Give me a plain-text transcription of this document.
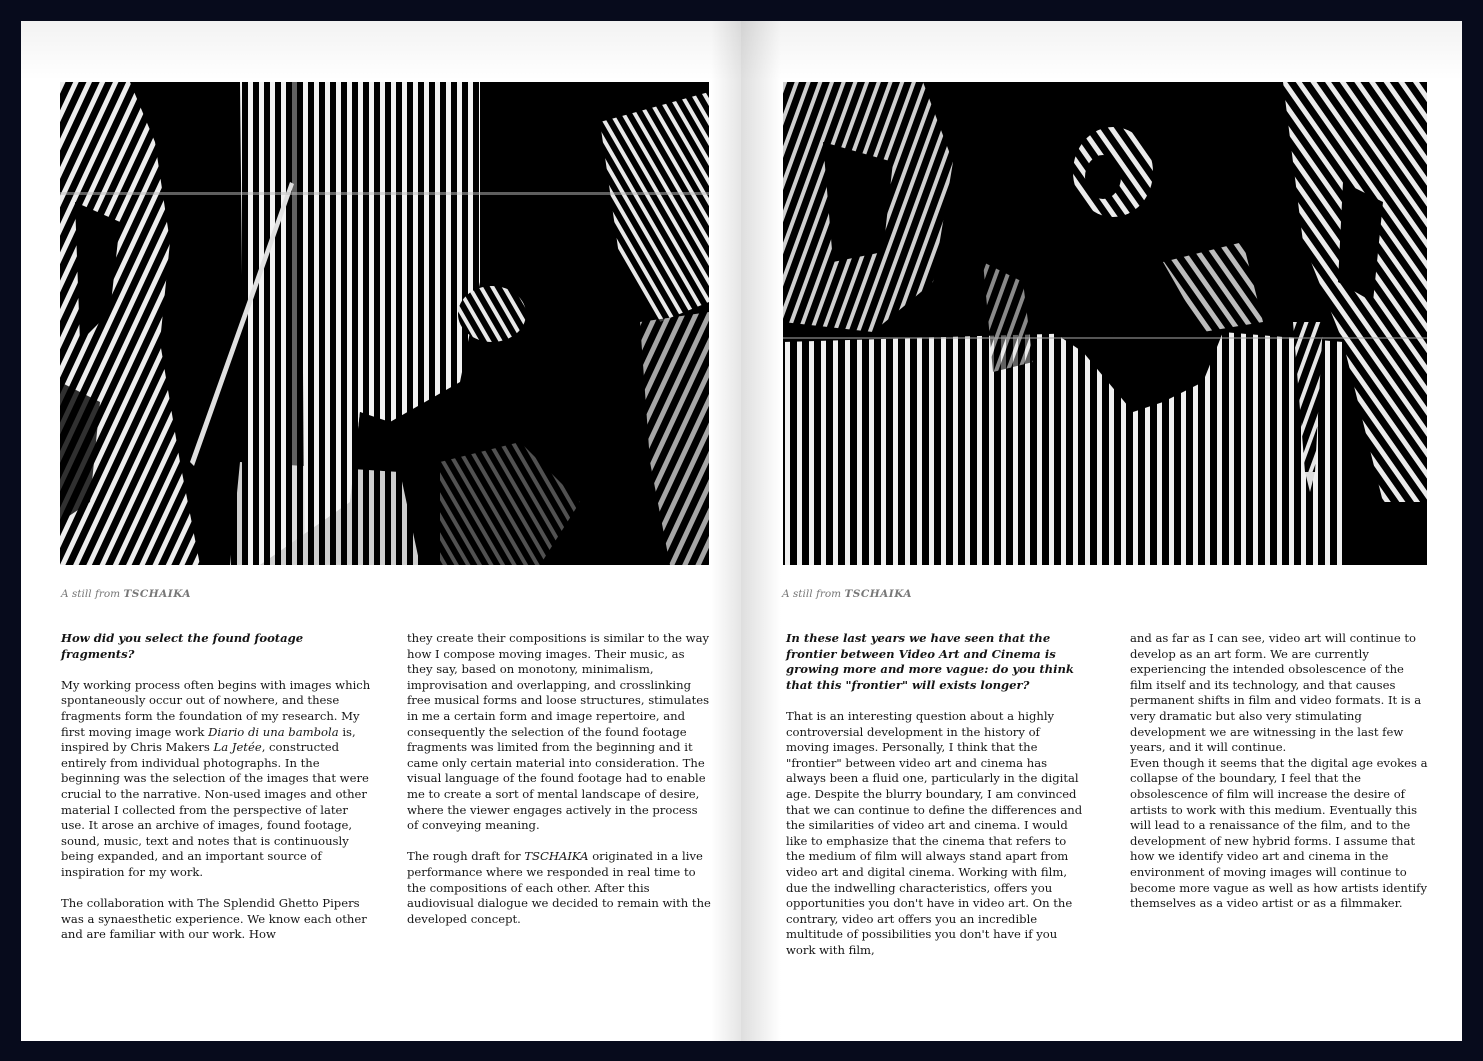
A still from TSCHAIKA

How did you select the found footage fragments?

My working process often begins with images which spontaneously occur out of nowhere, and these fragments form the foundation of my research. My first moving image work Diario di una bambola is, inspired by Chris Makers La Jetée, constructed entirely from individual photographs. In the beginning was the selection of the images that were crucial to the narrative. Non-used images and other material I collected from the perspective of later use. It arose an archive of images, found footage, sound, music, text and notes that is continuously being expanded, and an important source of inspiration for my work.

The collaboration with The Splendid Ghetto Pipers was a synaesthetic experience. We know each other and are familiar with our work. How

they create their compositions is similar to the way how I compose moving images. Their music, as they say, based on monotony, minimalism, improvisation and overlapping, and crosslinking free musical forms and loose structures, stimulates in me a certain form and image repertoire, and consequently the selection of the found footage fragments was limited from the beginning and it came only certain material into consideration. The visual language of the found footage had to enable me to create a sort of mental landscape of desire, where the viewer engages actively in the process of conveying meaning.

The rough draft for TSCHAIKA originated in a live performance where we responded in real time to the compositions of each other. After this audiovisual dialogue we decided to remain with the developed concept.

A still from TSCHAIKA

In these last years we have seen that the frontier between Video Art and Cinema is growing more and more vague: do you think that this "frontier" will exists longer?

That is an interesting question about a highly controversial development in the history of moving images. Personally, I think that the "frontier" between video art and cinema has always been a fluid one, particularly in the digital age. Despite the blurry boundary, I am convinced that we can continue to define the differences and the similarities of video art and cinema. I would like to emphasize that the cinema that refers to the medium of film will always stand apart from video art and digital cinema. Working with film, due the indwelling characteristics, offers you opportunities you don't have in video art. On the contrary, video art offers you an incredible multitude of possibilities you don't have if you work with film,

and as far as I can see, video art will continue to develop as an art form. We are currently experiencing the intended obsolescence of the film itself and its technology, and that causes permanent shifts in film and video formats. It is a very dramatic but also very stimulating development we are witnessing in the last few years, and it will continue.

Even though it seems that the digital age evokes a collapse of the boundary, I feel that the obsolescence of film will increase the desire of artists to work with this medium. Eventually this will lead to a renaissance of the film, and to the development of new hybrid forms. I assume that how we identify video art and cinema in the environment of moving images will continue to become more vague as well as how artists identify themselves as a video artist or as a filmmaker.
